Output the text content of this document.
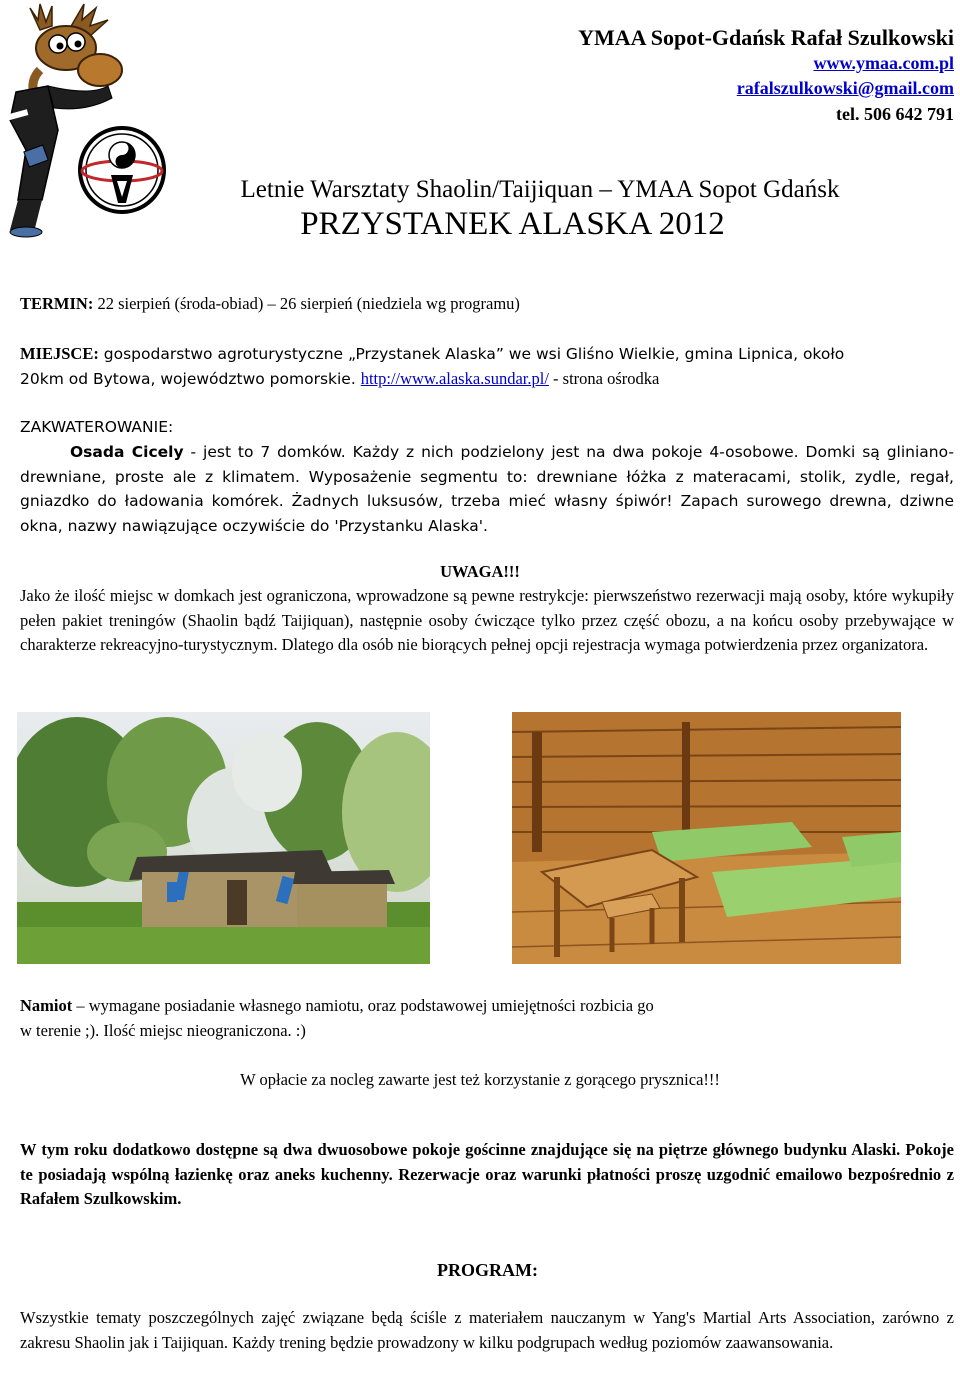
YMAA Sopot-Gdańsk Rafał Szulkowski
www.ymaa.com.pl
rafalszulkowski@gmail.com
tel. 506 642 791
Letnie Warsztaty Shaolin/Taijiquan – YMAA Sopot Gdańsk
PRZYSTANEK ALASKA 2012
TERMIN: 22 sierpień (środa-obiad) – 26 sierpień (niedziela wg programu)
MIEJSCE: gospodarstwo agroturystyczne „Przystanek Alaska” we wsi Gliśno Wielkie, gmina Lipnica, około
20km od Bytowa, województwo pomorskie. http://www.alaska.sundar.pl/ - strona ośrodka
ZAKWATEROWANIE:
Osada Cicely - jest to 7 domków. Każdy z nich podzielony jest na dwa pokoje 4-osobowe. Domki są gliniano-drewniane, proste ale z klimatem. Wyposażenie segmentu to: drewniane łóżka z materacami, stolik, zydle, regał, gniazdko do ładowania komórek. Żadnych luksusów, trzeba mieć własny śpiwór! Zapach surowego drewna, dziwne okna, nazwy nawiązujące oczywiście do 'Przystanku Alaska'.
UWAGA!!!
Jako że ilość miejsc w domkach jest ograniczona, wprowadzone są pewne restrykcje: pierwszeństwo rezerwacji mają osoby, które wykupiły pełen pakiet treningów (Shaolin bądź Taijiquan), następnie osoby ćwiczące tylko przez część obozu, a na końcu osoby przebywające w charakterze rekreacyjno-turystycznym. Dlatego dla osób nie biorących pełnej opcji rejestracja wymaga potwierdzenia przez organizatora.
Namiot – wymagane posiadanie własnego namiotu, oraz podstawowej umiejętności rozbicia go
w terenie ;). Ilość miejsc nieograniczona. :)
W opłacie za nocleg zawarte jest też korzystanie z gorącego prysznica!!!
W tym roku dodatkowo dostępne są dwa dwuosobowe pokoje gościnne znajdujące się na piętrze głównego budynku Alaski. Pokoje te posiadają wspólną łazienkę oraz aneks kuchenny. Rezerwacje oraz warunki płatności proszę uzgodnić emailowo bezpośrednio z Rafałem Szulkowskim.
PROGRAM:
Wszystkie tematy poszczególnych zajęć związane będą ściśle z materiałem nauczanym w Yang's Martial Arts Association, zarówno z zakresu Shaolin jak i Taijiquan. Każdy trening będzie prowadzony w kilku podgrupach według poziomów zaawansowania.
